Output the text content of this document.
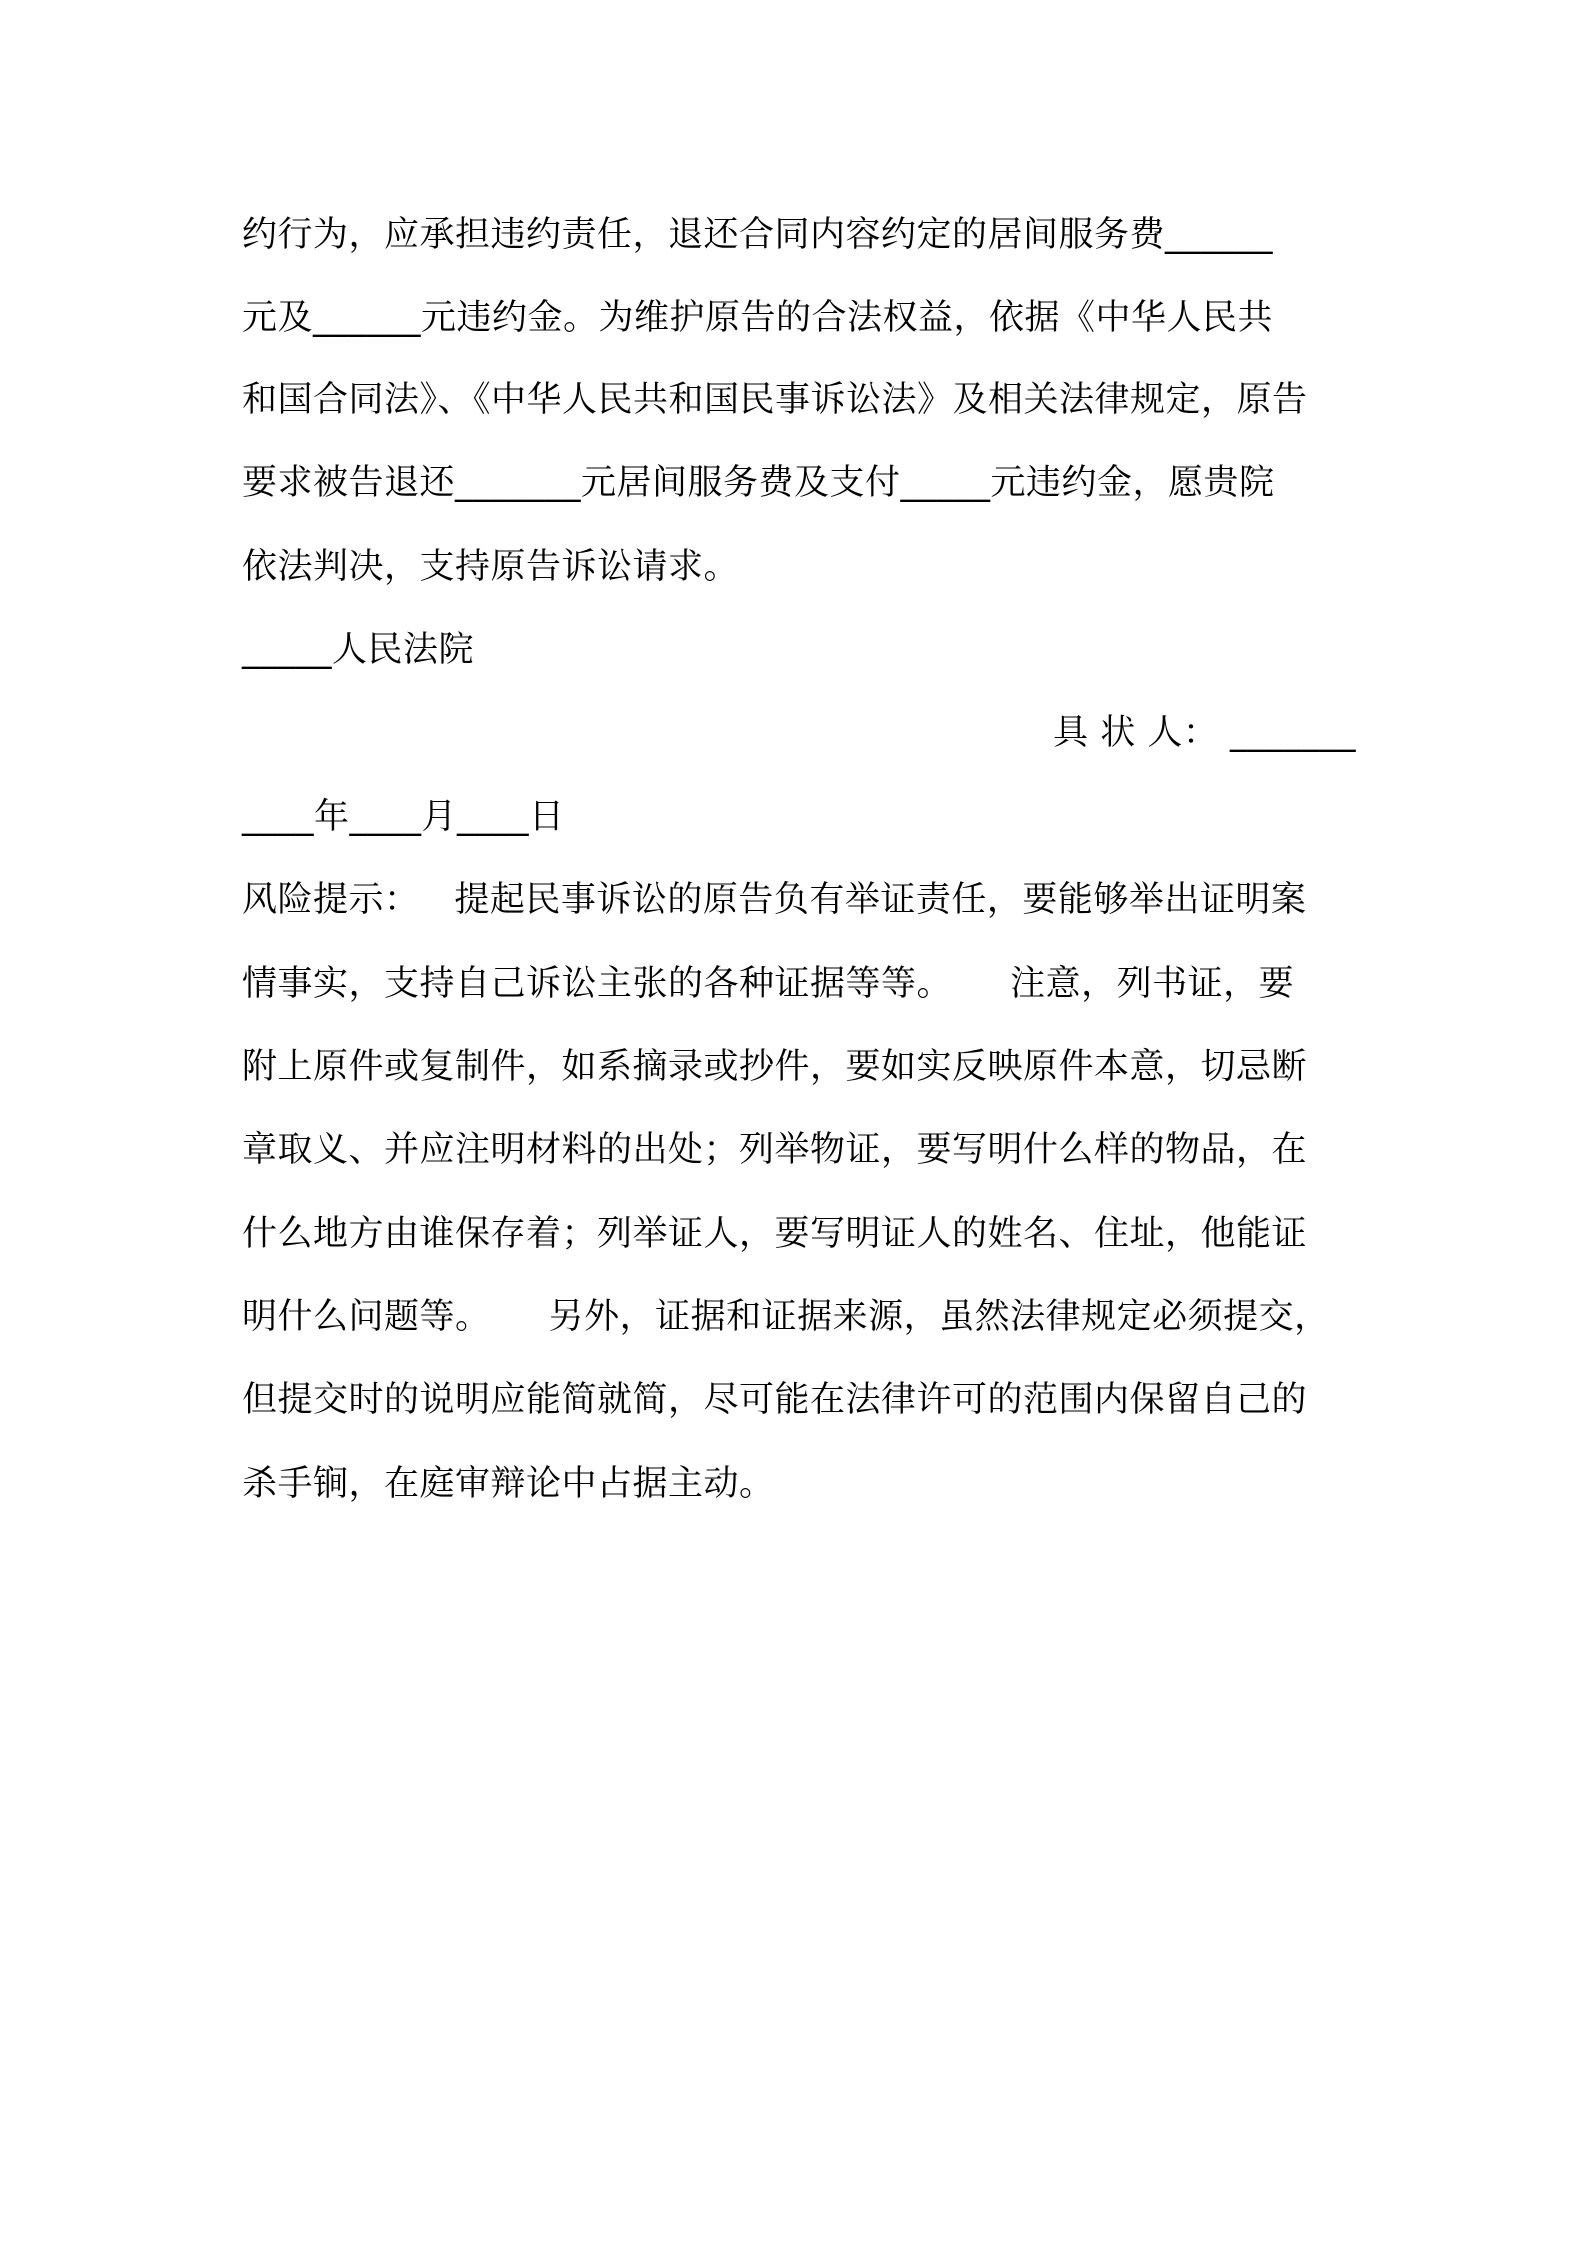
约行为，应承担违约责任，退还合同内容约定的居间服务费______
元及______元违约金。为维护原告的合法权益，依据《中华人民共
和国合同法》、《中华人民共和国民事诉讼法》及相关法律规定，原告
要求被告退还_______元居间服务费及支付_____元违约金，愿贵院
依法判决，支持原告诉讼请求。
_____人民法院
具 状 人： _______
____年____月____日
风险提示：   提起民事诉讼的原告负有举证责任，要能够举出证明案
情事实，支持自己诉讼主张的各种证据等等。     注意，列书证，要
附上原件或复制件，如系摘录或抄件，要如实反映原件本意，切忌断
章取义、并应注明材料的出处；列举物证，要写明什么样的物品，在
什么地方由谁保存着；列举证人，要写明证人的姓名、住址，他能证
明什么问题等。     另外，证据和证据来源，虽然法律规定必须提交，
但提交时的说明应能简就简，尽可能在法律许可的范围内保留自己的
杀手锏，在庭审辩论中占据主动。
